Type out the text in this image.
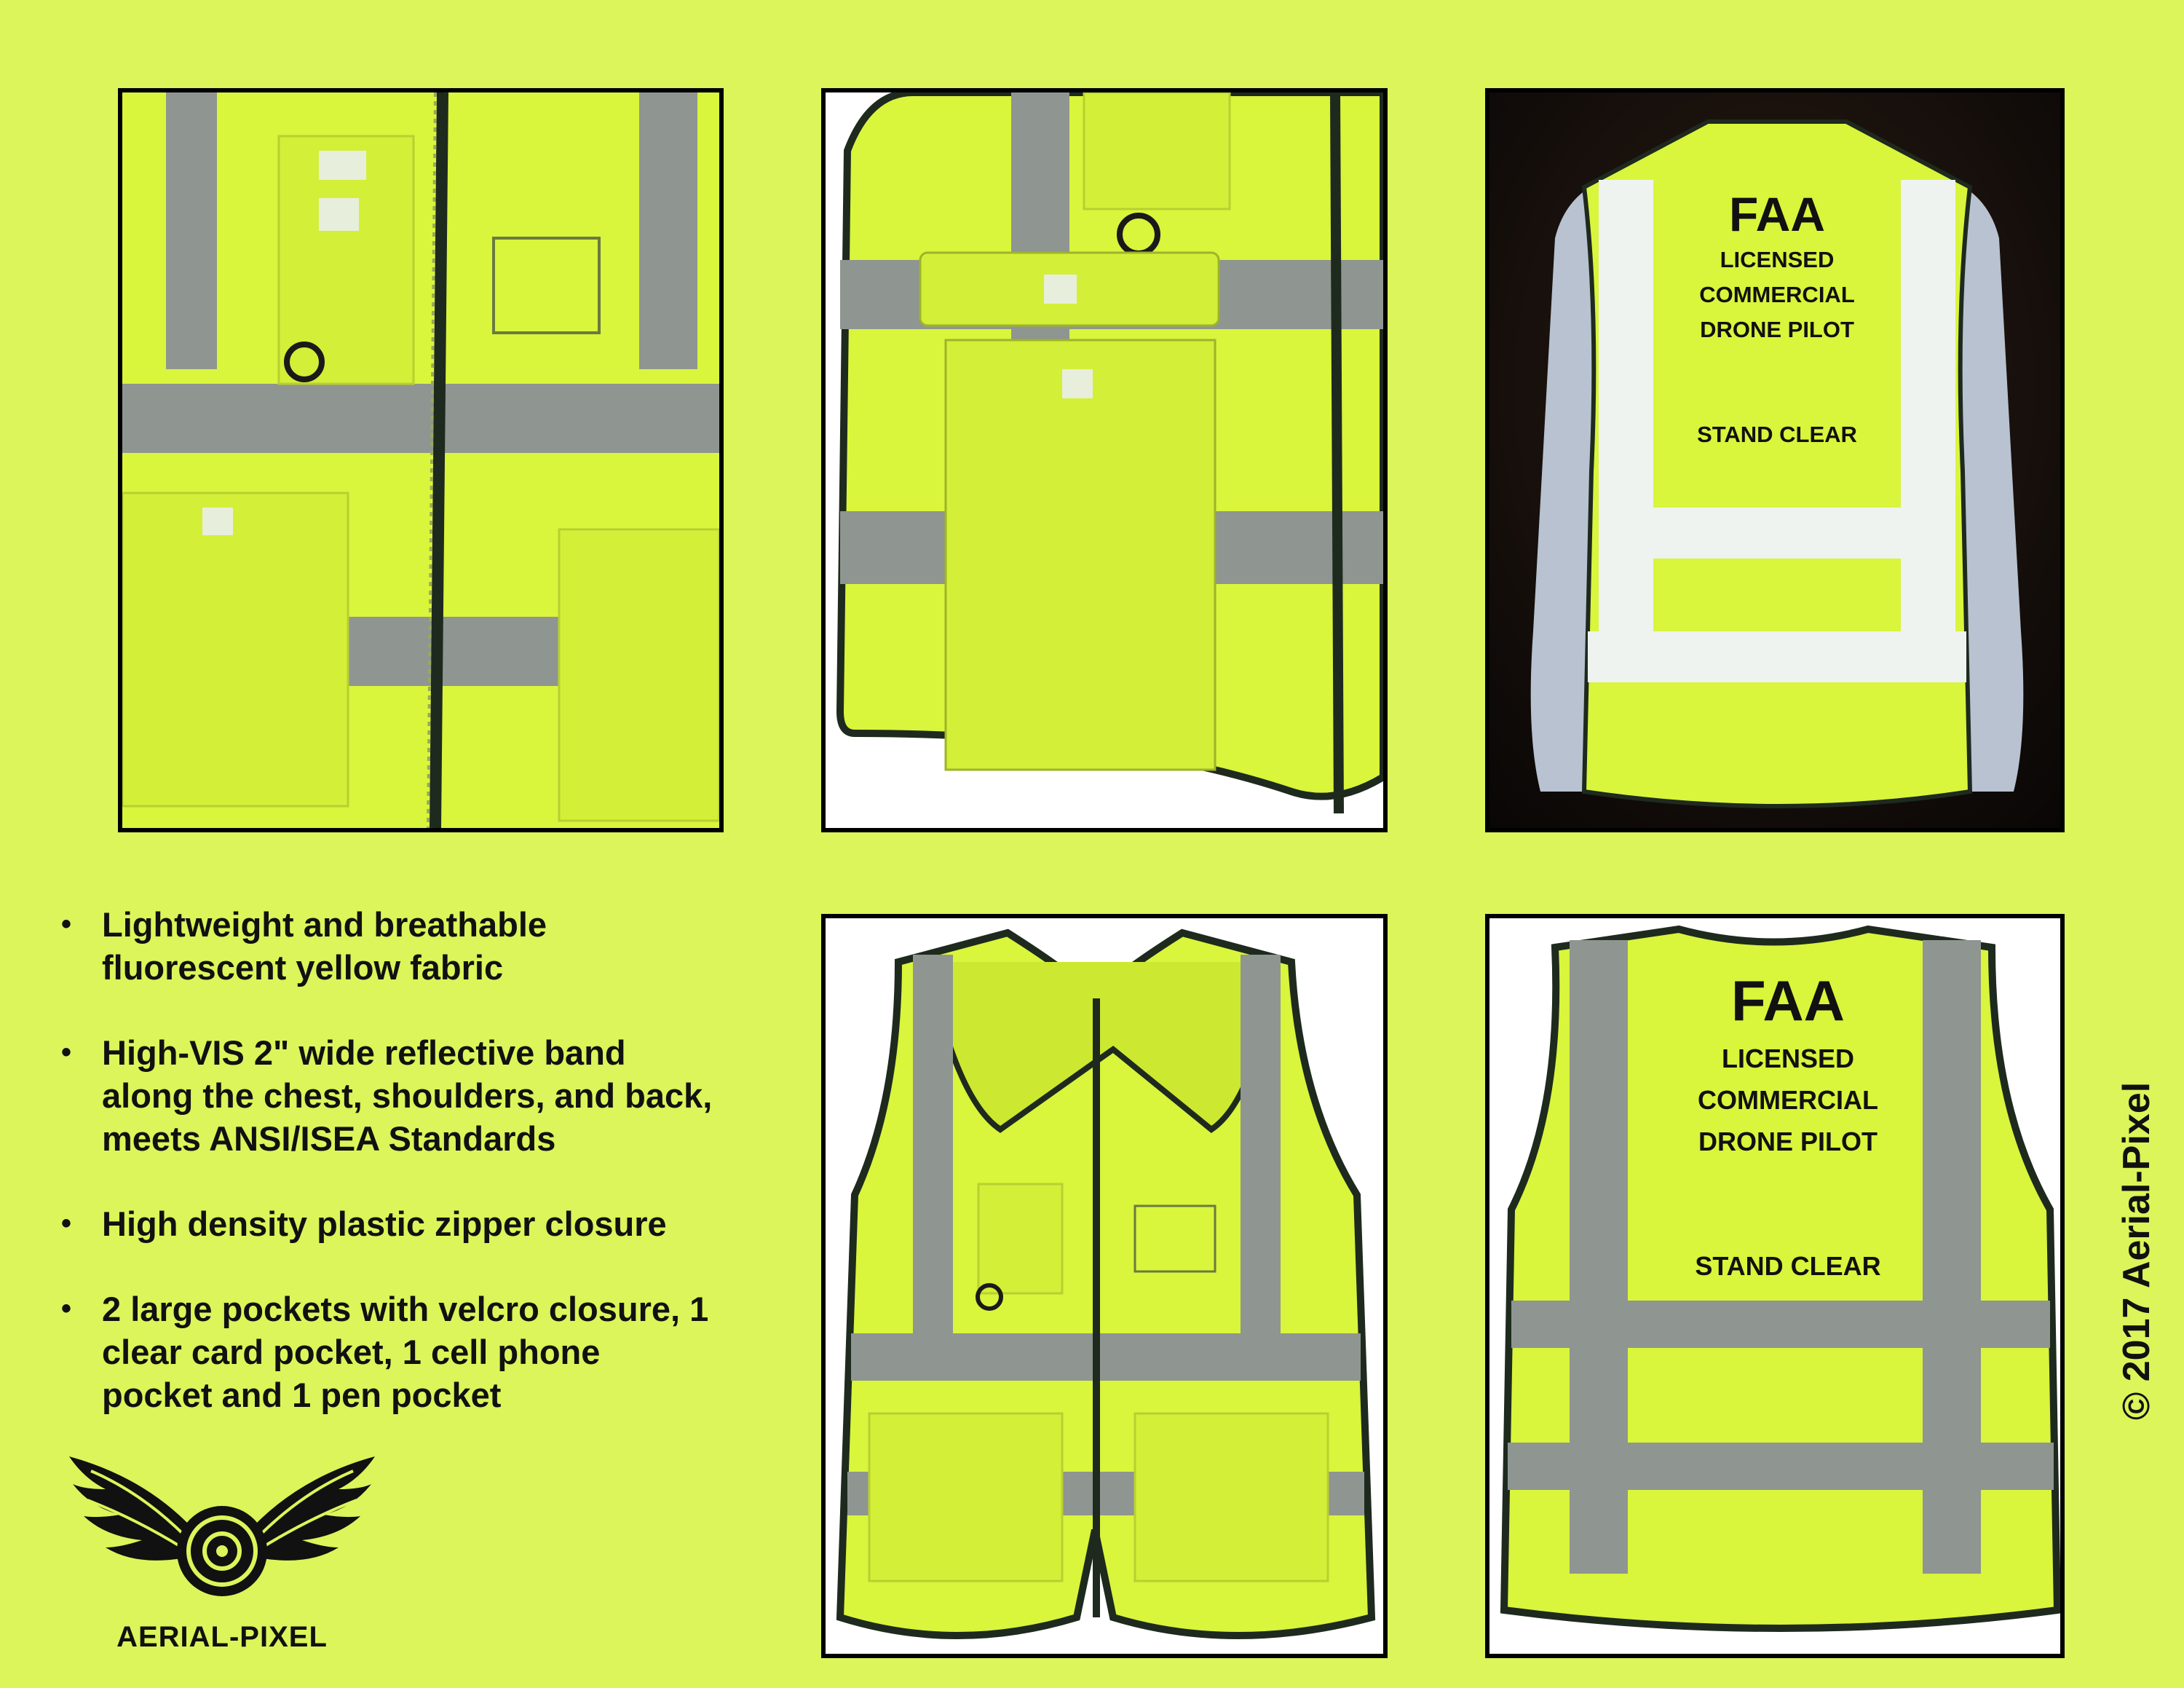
FAA
LICENSED
COMMERCIAL
DRONE PILOT
STAND CLEAR
FAA
LICENSED
COMMERCIAL
DRONE PILOT
STAND CLEAR
• Lightweight and breathable
fluorescent yellow fabric
• High-VIS 2" wide reflective band
along the chest, shoulders, and back,
meets ANSI/ISEA Standards
• High density plastic zipper closure
• 2 large pockets with velcro closure, 1
clear card pocket, 1 cell phone
pocket and 1 pen pocket
AERIAL-PIXEL
© 2017 Aerial-Pixel
